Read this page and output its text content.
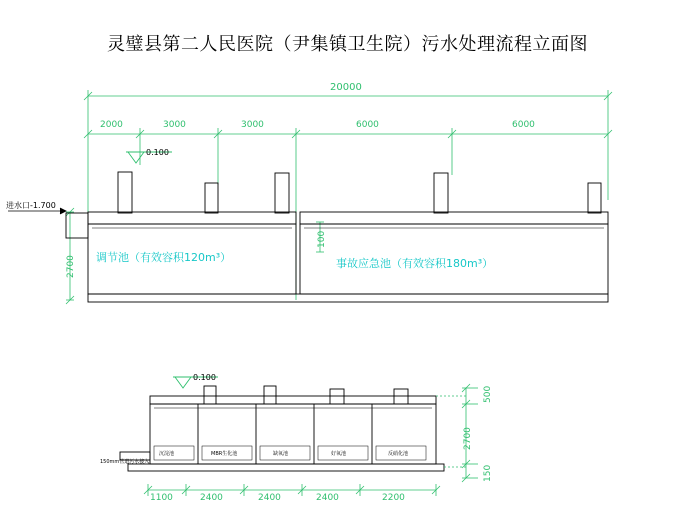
灵璧县第二人民医院（尹集镇卫生院）污水处理流程立面图
20000
2000	3000	3000	6000	6000
0.100
进水口-1.700
2700
100
调节池（有效容积120m³）	事故应急池（有效容积180m³）
0.100
150mm管道污水接入
沉淀池	MBR生化池	缺氧池	好氧池	反硝化池
1100	2400	2400	2400	2200
500
2700
150
